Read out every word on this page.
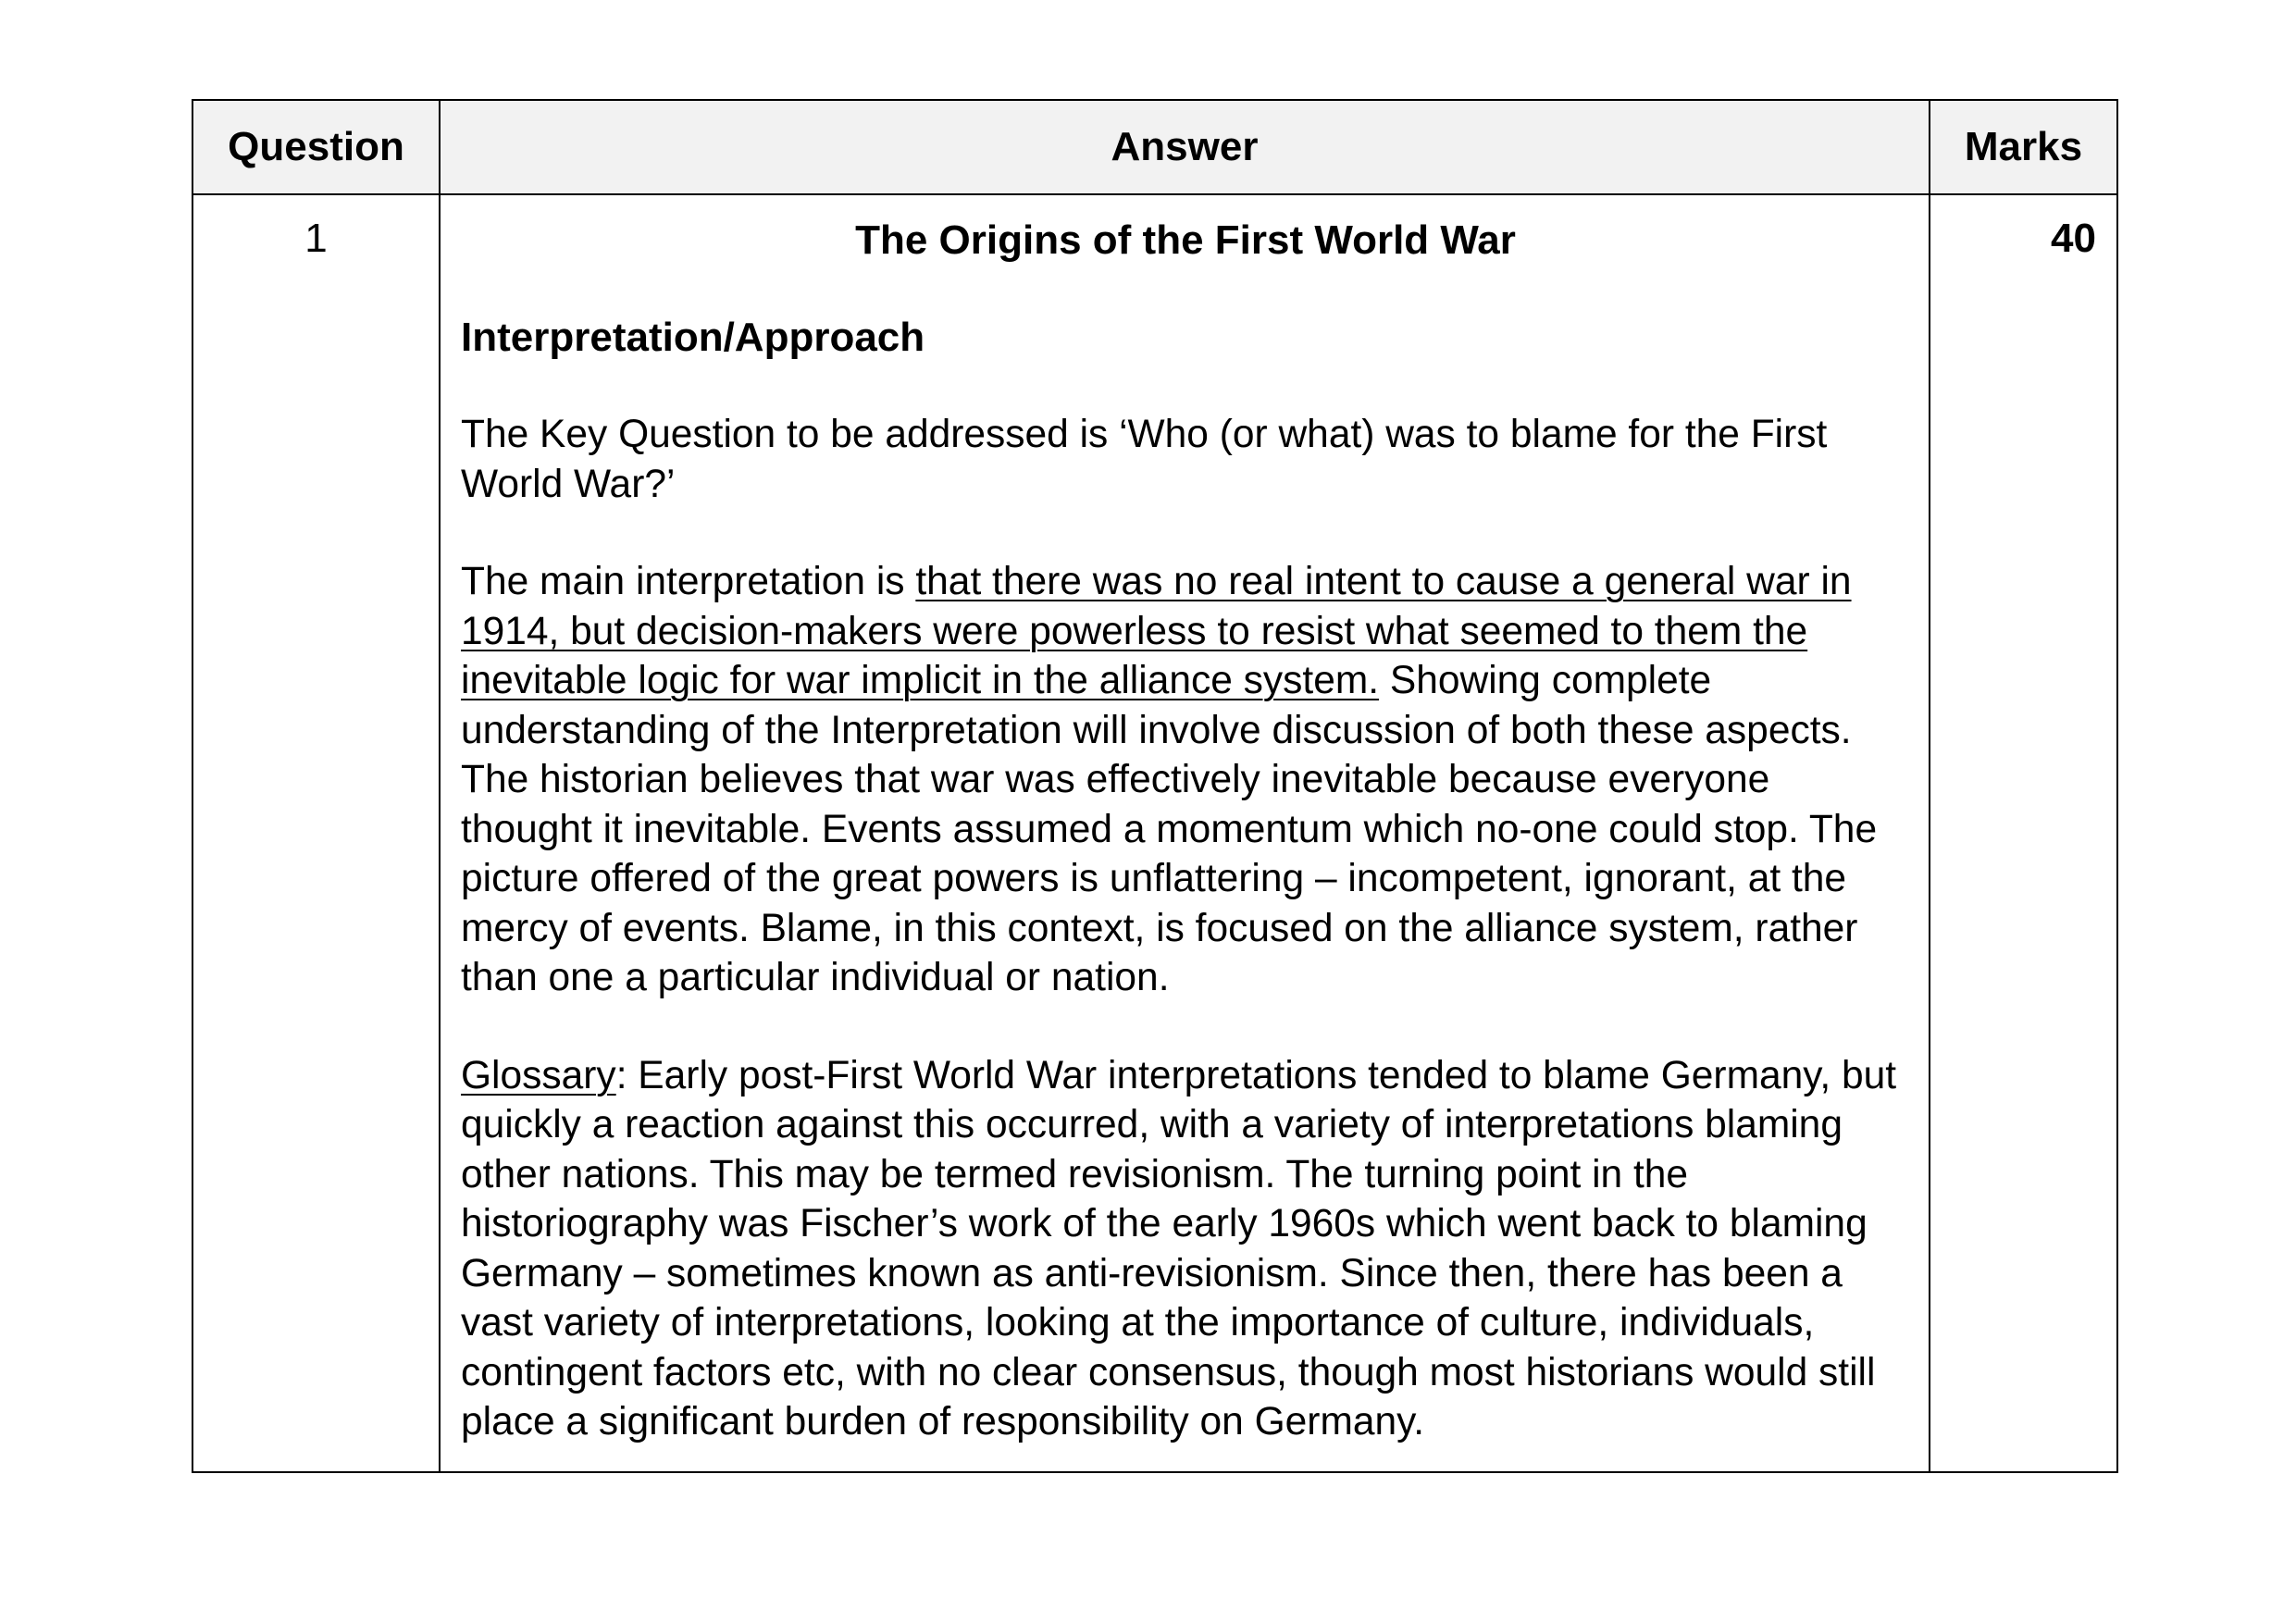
Question	Answer	Marks
1	The Origins of the First World War
Interpretation/Approach
The Key Question to be addressed is ‘Who (or what) was to blame for the First World War?’
The main interpretation is that there was no real intent to cause a general war in 1914, but decision-makers were powerless to resist what seemed to them the inevitable logic for war implicit in the alliance system. Showing complete understanding of the Interpretation will involve discussion of both these aspects. The historian believes that war was effectively inevitable because everyone thought it inevitable. Events assumed a momentum which no-one could stop. The picture offered of the great powers is unflattering – incompetent, ignorant, at the mercy of events. Blame, in this context, is focused on the alliance system, rather than one a particular individual or nation.
Glossary: Early post-First World War interpretations tended to blame Germany, but quickly a reaction against this occurred, with a variety of interpretations blaming other nations. This may be termed revisionism. The turning point in the historiography was Fischer’s work of the early 1960s which went back to blaming Germany – sometimes known as anti-revisionism. Since then, there has been a vast variety of interpretations, looking at the importance of culture, individuals, contingent factors etc, with no clear consensus, though most historians would still place a significant burden of responsibility on Germany.	40
